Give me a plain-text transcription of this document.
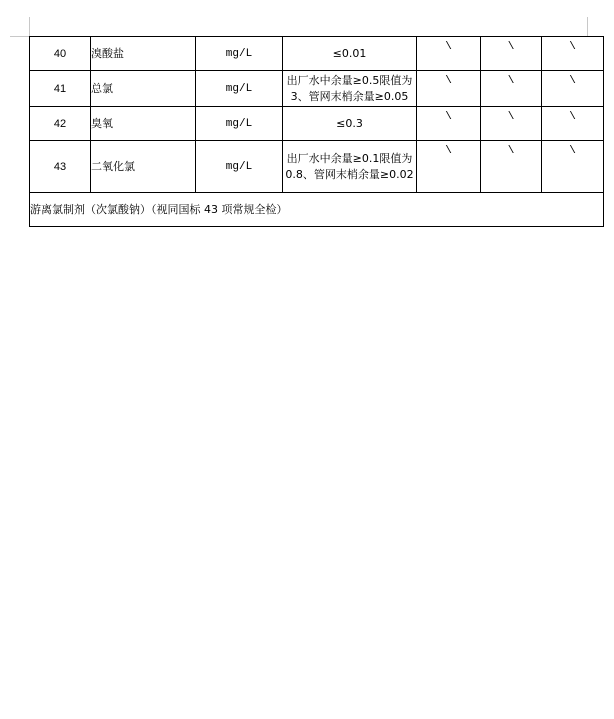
40	溴酸盐	mg/L	≤0.01	\	\	\
41	总氯	mg/L	出厂水中余量≥0.5限值为3、管网末梢余量≥0.05	\	\	\
42	臭氧	mg/L	≤0.3	\	\	\
43	二氧化氯	mg/L	出厂水中余量≥0.1限值为0.8、管网末梢余量≥0.02	\	\	\
游离氯制剂（次氯酸钠）（视同国标 43 项常规全检）						
